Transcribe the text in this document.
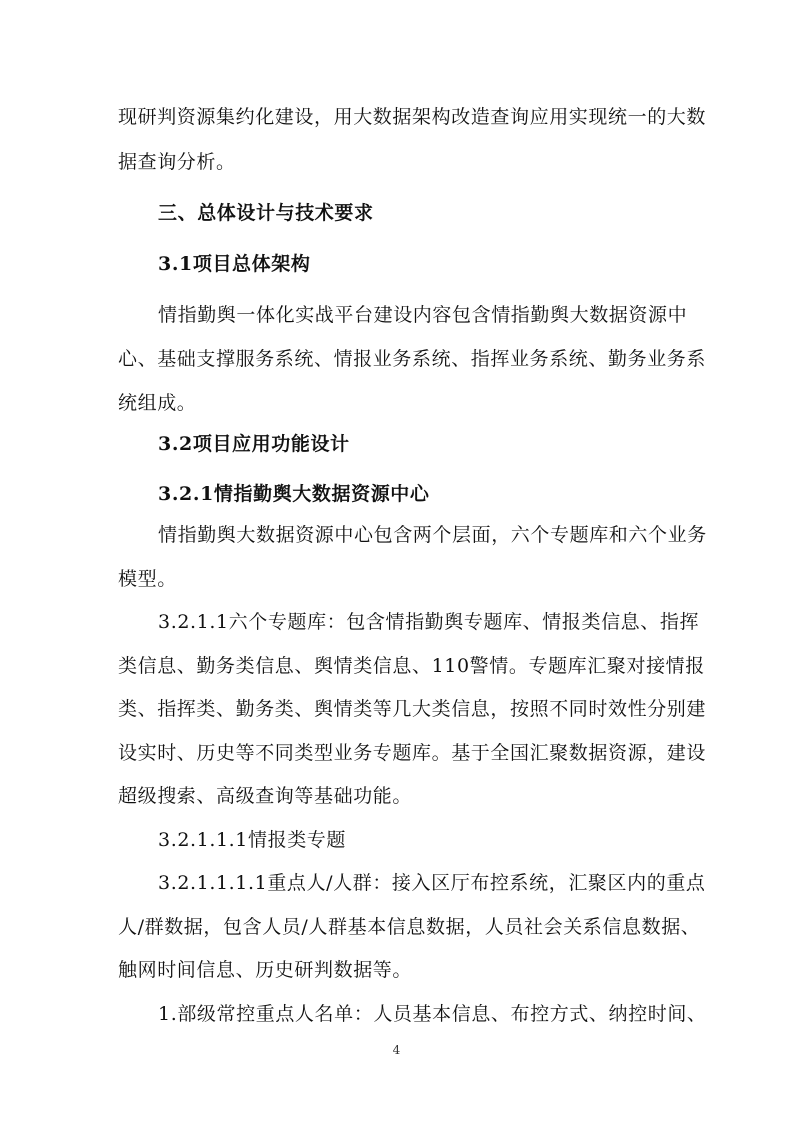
现研判资源集约化建设，用大数据架构改造查询应用实现统一的大数
据查询分析。
三、总体设计与技术要求
3.1项目总体架构
情指勤舆一体化实战平台建设内容包含情指勤舆大数据资源中
心、基础支撑服务系统、情报业务系统、指挥业务系统、勤务业务系
统组成。
3.2项目应用功能设计
3.2.1情指勤舆大数据资源中心
情指勤舆大数据资源中心包含两个层面，六个专题库和六个业务
模型。
3.2.1.1六个专题库：包含情指勤舆专题库、情报类信息、指挥
类信息、勤务类信息、舆情类信息、110警情。专题库汇聚对接情报
类、指挥类、勤务类、舆情类等几大类信息，按照不同时效性分别建
设实时、历史等不同类型业务专题库。基于全国汇聚数据资源，建设
超级搜索、高级查询等基础功能。
3.2.1.1.1情报类专题
3.2.1.1.1.1重点人/人群：接入区厅布控系统，汇聚区内的重点
人/群数据，包含人员/人群基本信息数据，人员社会关系信息数据、
触网时间信息、历史研判数据等。
1.部级常控重点人名单：人员基本信息、布控方式、纳控时间、
4
